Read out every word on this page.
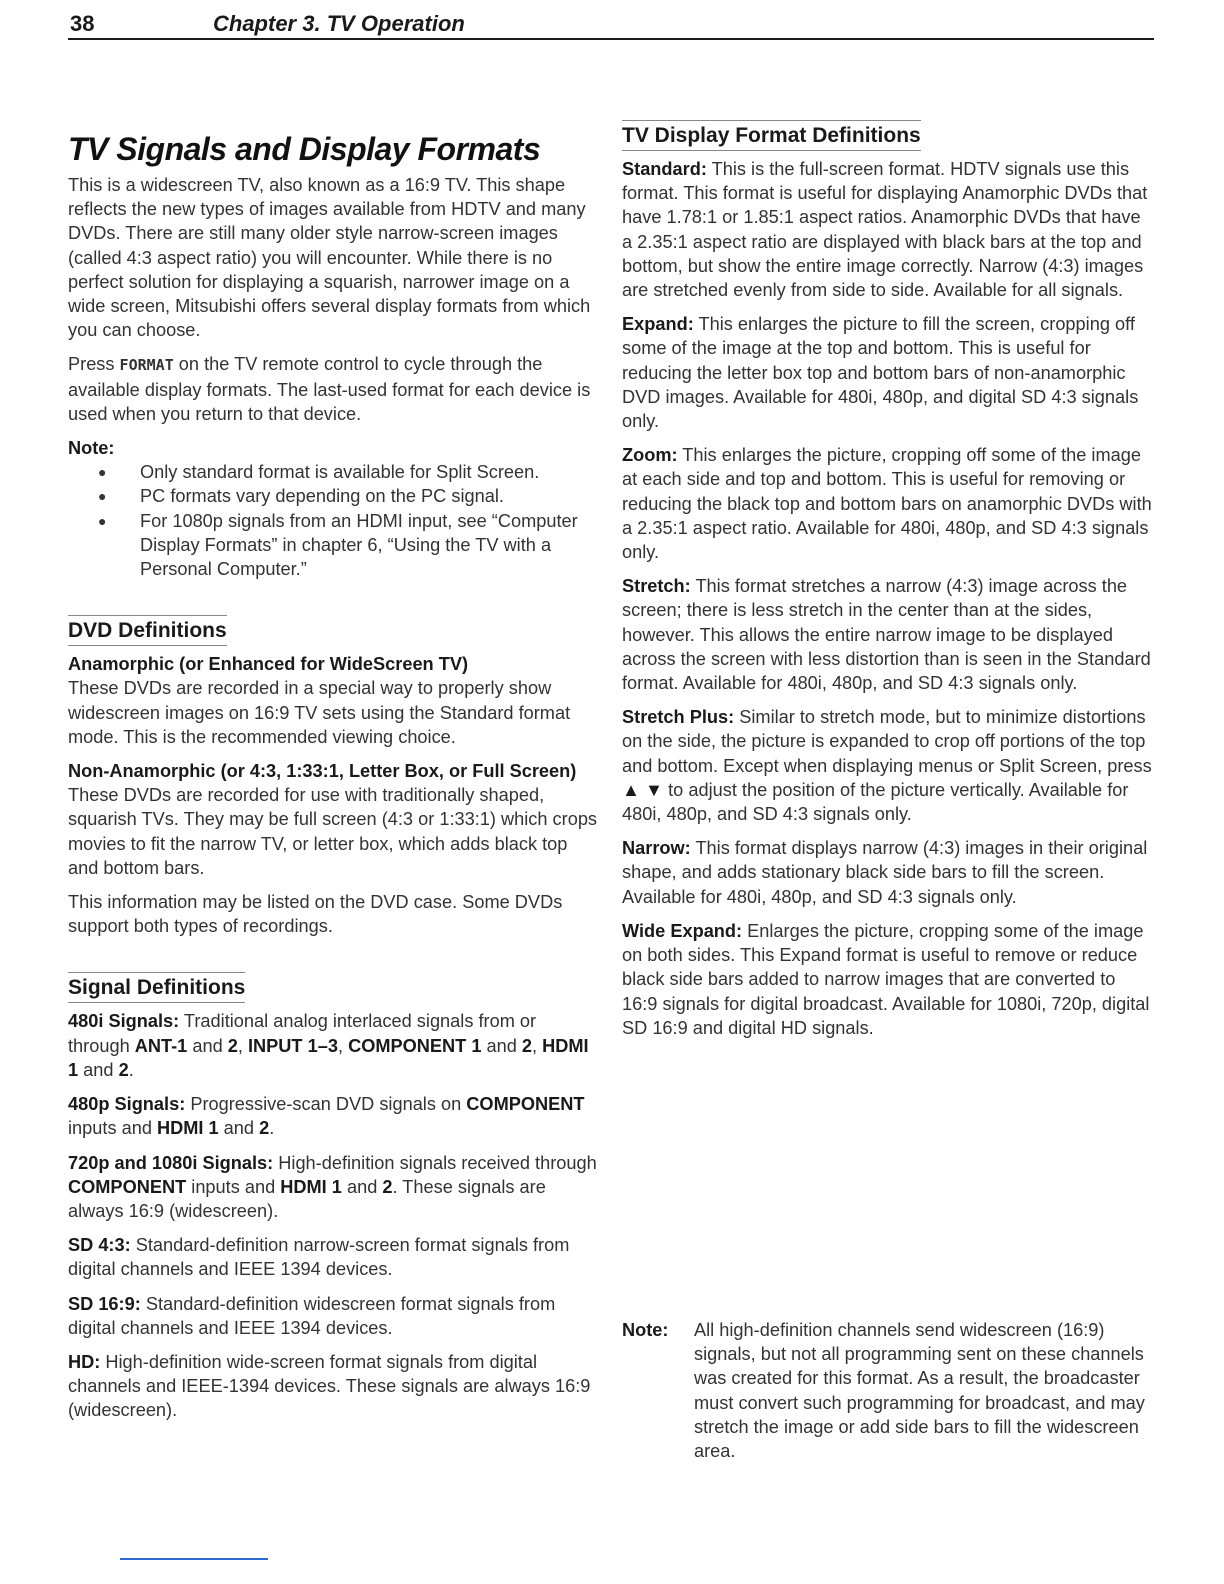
38	Chapter 3. TV Operation
TV Signals and Display Formats

This is a widescreen TV, also known as a 16:9 TV. This shape reflects the new types of images available from HDTV and many DVDs. There are still many older style narrow-screen images (called 4:3 aspect ratio) you will encounter. While there is no perfect solution for displaying a squarish, narrower image on a wide screen, Mitsubishi offers several display formats from which you can choose.

Press FORMAT on the TV remote control to cycle through the available display formats. The last-used format for each device is used when you return to that device.

Note:

● Only standard format is available for Split Screen.
● PC formats vary depending on the PC signal.
● For 1080p signals from an HDMI input, see “Computer Display Formats” in chapter 6, “Using the TV with a Personal Computer.”
DVD Definitions

Anamorphic (or Enhanced for WideScreen TV)

These DVDs are recorded in a special way to properly show widescreen images on 16:9 TV sets using the Standard format mode. This is the recommended viewing choice.

Non-Anamorphic (or 4:3, 1:33:1, Letter Box, or Full Screen)

These DVDs are recorded for use with traditionally shaped, squarish TVs. They may be full screen (4:3 or 1:33:1) which crops movies to fit the narrow TV, or letter box, which adds black top and bottom bars.

This information may be listed on the DVD case. Some DVDs support both types of recordings.

Signal Definitions

480i Signals: Traditional analog interlaced signals from or through ANT-1 and 2, INPUT 1–3, COMPONENT 1 and 2, HDMI 1 and 2.

480p Signals: Progressive-scan DVD signals on COMPONENT inputs and HDMI 1 and 2.

720p and 1080i Signals: High-definition signals received through COMPONENT inputs and HDMI 1 and 2. These signals are always 16:9 (widescreen).

SD 4:3: Standard-definition narrow-screen format signals from digital channels and IEEE 1394 devices.

SD 16:9: Standard-definition widescreen format signals from digital channels and IEEE 1394 devices.

HD: High-definition wide-screen format signals from digital channels and IEEE-1394 devices. These signals are always 16:9 (widescreen).

TV Display Format Definitions

Standard: This is the full-screen format. HDTV signals use this format. This format is useful for displaying Anamorphic DVDs that have 1.78:1 or 1.85:1 aspect ratios. Anamorphic DVDs that have a 2.35:1 aspect ratio are displayed with black bars at the top and bottom, but show the entire image correctly. Narrow (4:3) images are stretched evenly from side to side. Available for all signals.

Expand: This enlarges the picture to fill the screen, cropping off some of the image at the top and bottom. This is useful for reducing the letter box top and bottom bars of non-anamorphic DVD images. Available for 480i, 480p, and digital SD 4:3 signals only.

Zoom: This enlarges the picture, cropping off some of the image at each side and top and bottom. This is useful for removing or reducing the black top and bottom bars on anamorphic DVDs with a 2.35:1 aspect ratio. Available for 480i, 480p, and SD 4:3 signals only.

Stretch: This format stretches a narrow (4:3) image across the screen; there is less stretch in the center than at the sides, however. This allows the entire narrow image to be displayed across the screen with less distortion than is seen in the Standard format. Available for 480i, 480p, and SD 4:3 signals only.

Stretch Plus: Similar to stretch mode, but to minimize distortions on the side, the picture is expanded to crop off portions of the top and bottom. Except when displaying menus or Split Screen, press ▲ ▼ to adjust the position of the picture vertically. Available for 480i, 480p, and SD 4:3 signals only.

Narrow: This format displays narrow (4:3) images in their original shape, and adds stationary black side bars to fill the screen. Available for 480i, 480p, and SD 4:3 signals only.

Wide Expand: Enlarges the picture, cropping some of the image on both sides. This Expand format is useful to remove or reduce black side bars added to narrow images that are converted to 16:9 signals for digital broadcast. Available for 1080i, 720p, digital SD 16:9 and digital HD signals.

Note: All high-definition channels send widescreen (16:9) signals, but not all programming sent on these channels was created for this format. As a result, the broadcaster must convert such programming for broadcast, and may stretch the image or add side bars to fill the widescreen area.
